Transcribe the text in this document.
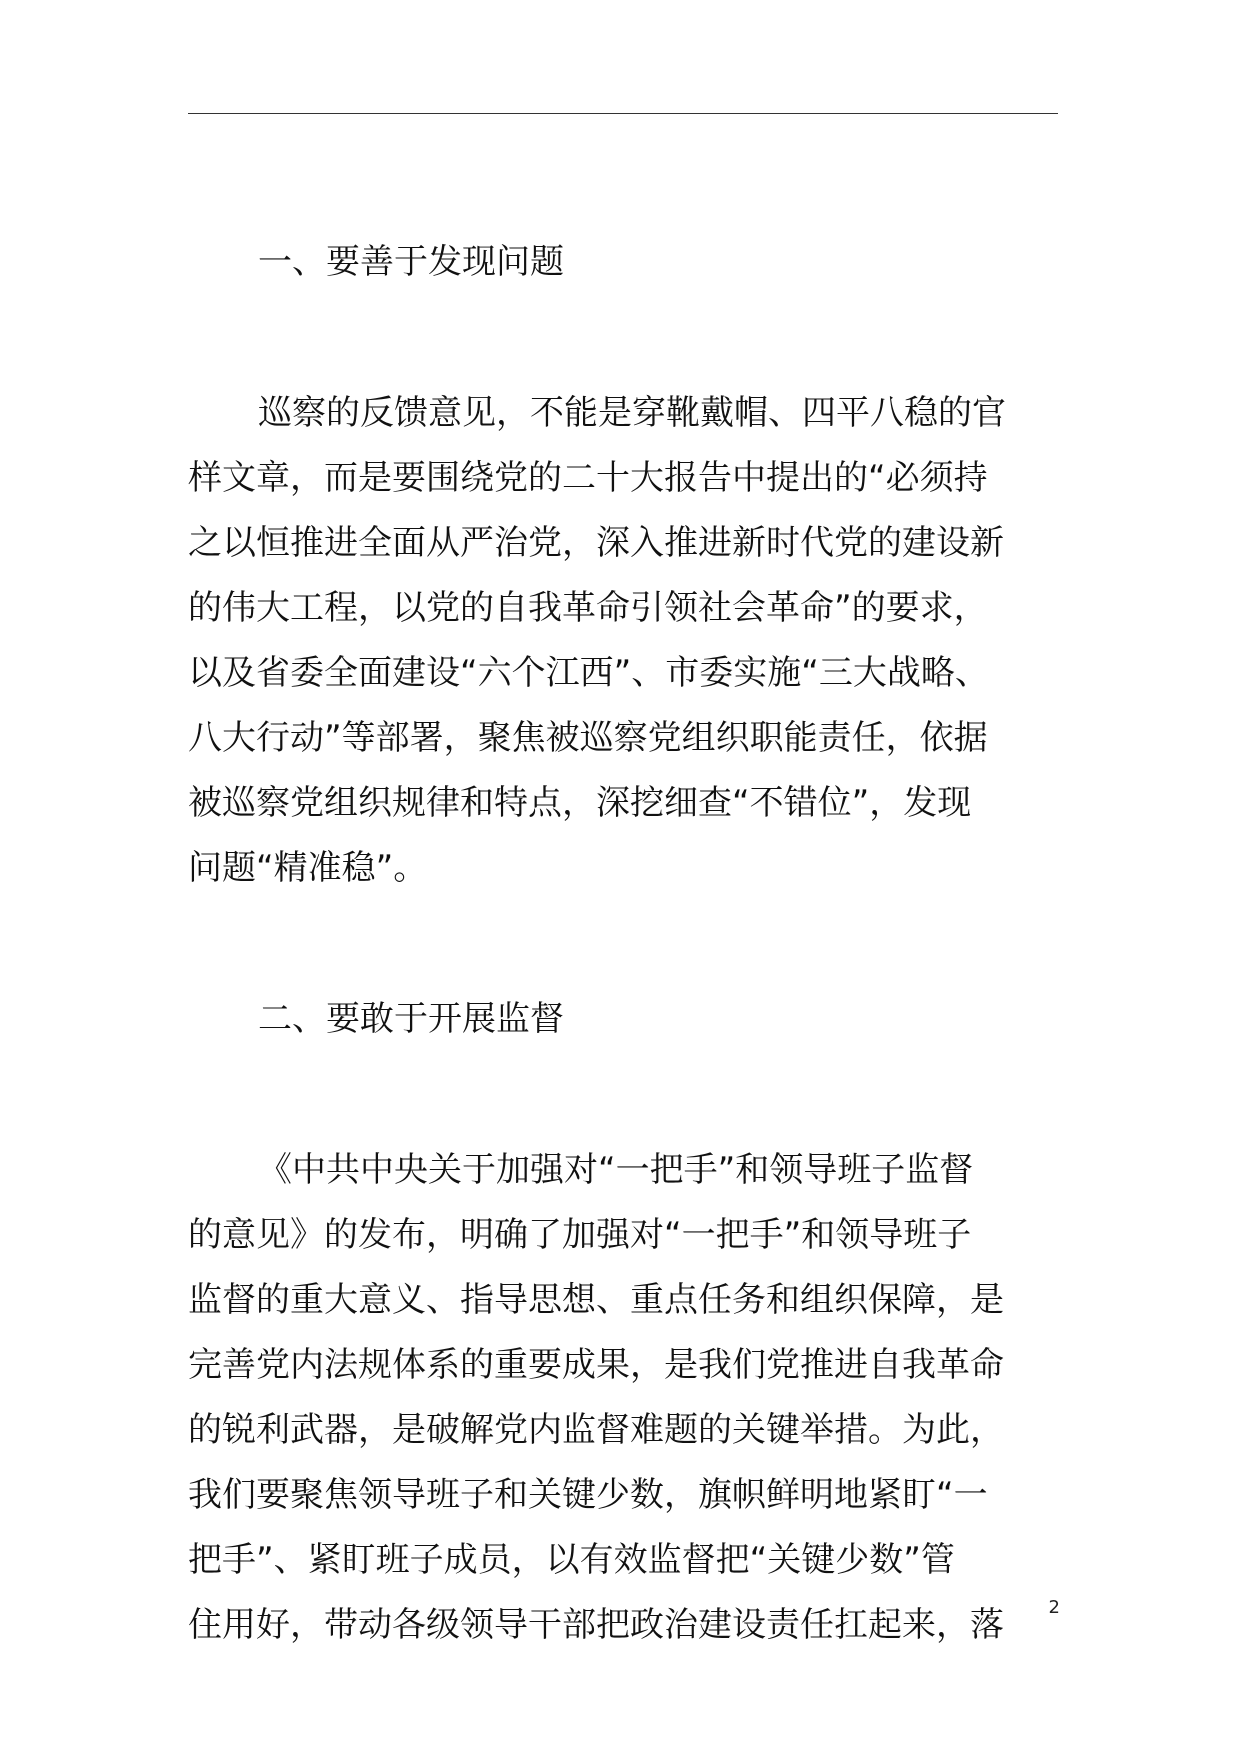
一、要善于发现问题
巡察的反馈意见，不能是穿靴戴帽、四平八稳的官
样文章，而是要围绕党的二十大报告中提出的“必须持
之以恒推进全面从严治党，深入推进新时代党的建设新
的伟大工程，以党的自我革命引领社会革命”的要求，
以及省委全面建设“六个江西”、市委实施“三大战略、
八大行动”等部署，聚焦被巡察党组织职能责任，依据
被巡察党组织规律和特点，深挖细查“不错位”，发现
问题“精准稳”。
二、要敢于开展监督
《中共中央关于加强对“一把手”和领导班子监督
的意见》的发布，明确了加强对“一把手”和领导班子
监督的重大意义、指导思想、重点任务和组织保障，是
完善党内法规体系的重要成果，是我们党推进自我革命
的锐利武器，是破解党内监督难题的关键举措。为此，
我们要聚焦领导班子和关键少数，旗帜鲜明地紧盯“一
把手”、紧盯班子成员，以有效监督把“关键少数”管
住用好，带动各级领导干部把政治建设责任扛起来，落	2
